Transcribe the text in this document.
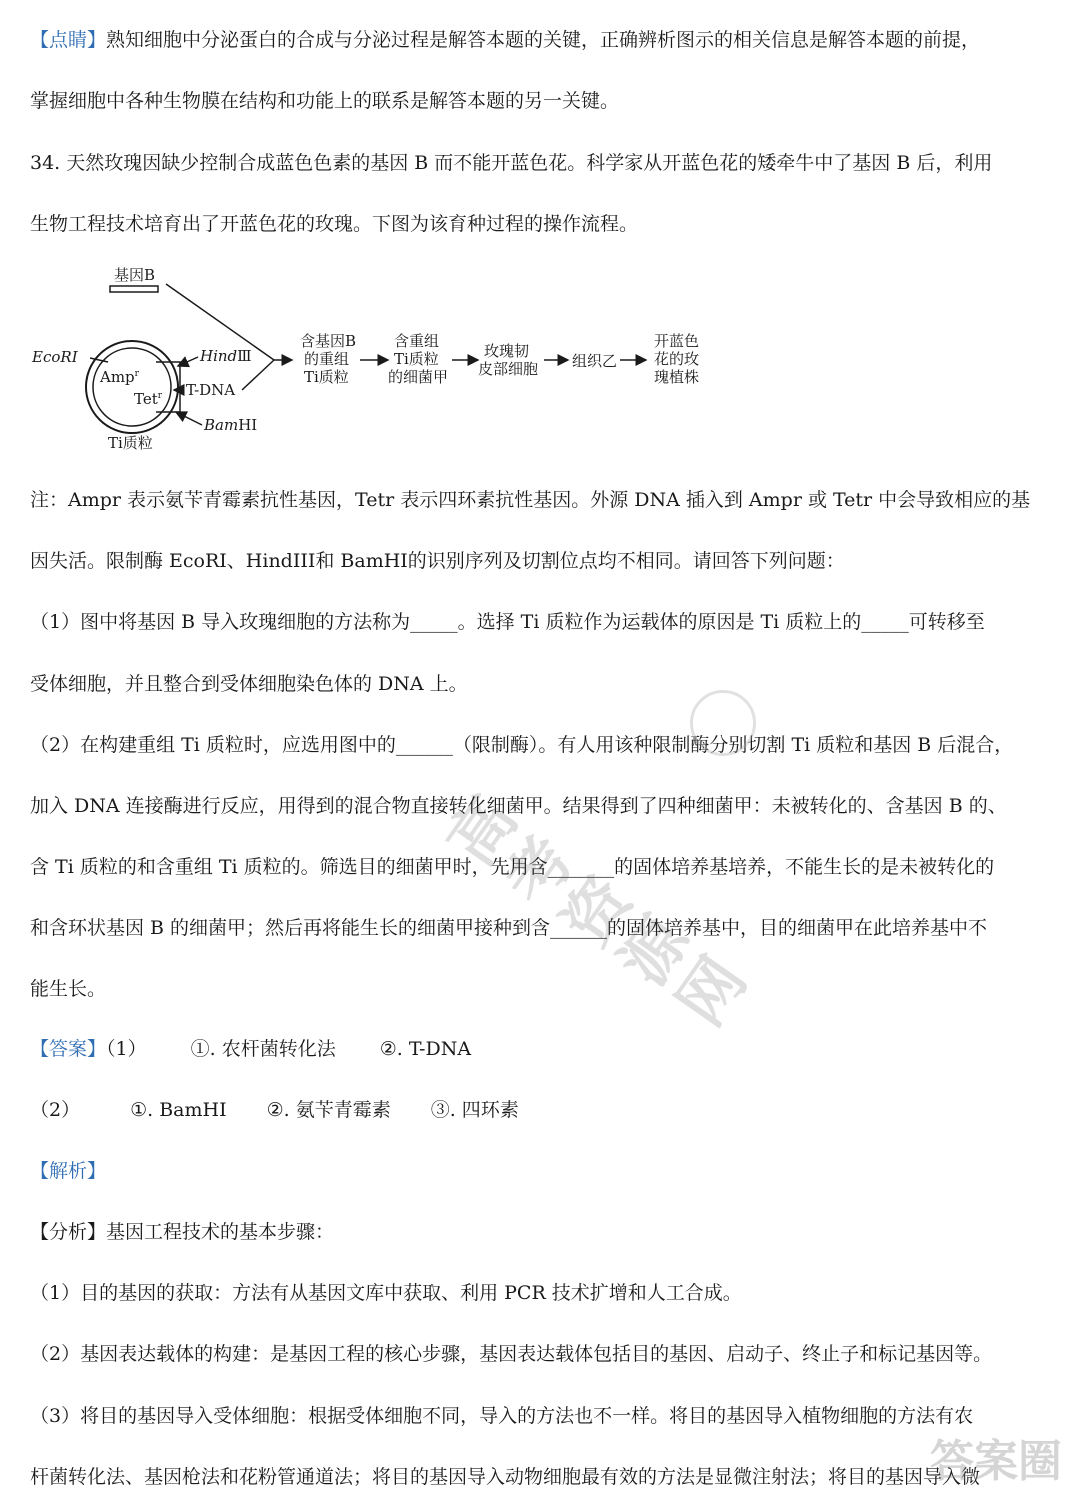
【点睛】熟知细胞中分泌蛋白的合成与分泌过程是解答本题的关键，正确辨析图示的相关信息是解答本题的前提，
掌握细胞中各种生物膜在结构和功能上的联系是解答本题的另一关键。
34. 天然玫瑰因缺少控制合成蓝色色素的基因 B 而不能开蓝色花。科学家从开蓝色花的矮牵牛中了基因 B 后，利用
生物工程技术培育出了开蓝色花的玫瑰。下图为该育种过程的操作流程。
基因B
EcoRⅠ
Amp$^r$
Tet$^r$
HindⅢ
T-DNA
BamHⅠ
Ti质粒
含基因B
的重组
Ti质粒
含重组
Ti质粒
的细菌甲
玫瑰韧
皮部细胞 组织乙
开蓝色
花的玫
瑰植株
注：Ampr 表示氨苄青霉素抗性基因，Tetr 表示四环素抗性基因。外源 DNA 插入到 Ampr 或 Tetr 中会导致相应的基
因失活。限制酶 EcoRI、HindIII和 BamHI的识别序列及切割位点均不相同。请回答下列问题：
（1）图中将基因 B 导入玫瑰细胞的方法称为_____。选择 Ti 质粒作为运载体的原因是 Ti 质粒上的_____可转移至
受体细胞，并且整合到受体细胞染色体的 DNA 上。
（2）在构建重组 Ti 质粒时，应选用图中的______（限制酶）。有人用该种限制酶分别切割 Ti 质粒和基因 B 后混合，
加入 DNA 连接酶进行反应，用得到的混合物直接转化细菌甲。结果得到了四种细菌甲：未被转化的、含基因 B 的、
含 Ti 质粒的和含重组 Ti 质粒的。筛选目的细菌甲时，先用含_______的固体培养基培养，不能生长的是未被转化的
和含环状基因 B 的细菌甲；然后再将能生长的细菌甲接种到含______的固体培养基中，目的细菌甲在此培养基中不
能生长。
【答案】（1） ①. 农杆菌转化法 ②. T-DNA
（2）	①. BamHⅠ ②. 氨苄青霉素 ③. 四环素
【解析】
【分析】基因工程技术的基本步骤：
（1）目的基因的获取：方法有从基因文库中获取、利用 PCR 技术扩增和人工合成。
（2）基因表达载体的构建：是基因工程的核心步骤，基因表达载体包括目的基因、启动子、终止子和标记基因等。
（3）将目的基因导入受体细胞：根据受体细胞不同，导入的方法也不一样。将目的基因导入植物细胞的方法有农
杆菌转化法、基因枪法和花粉管通道法；将目的基因导入动物细胞最有效的方法是显微注射法；将目的基因导入微
高
考
资
源
网
答案圈
